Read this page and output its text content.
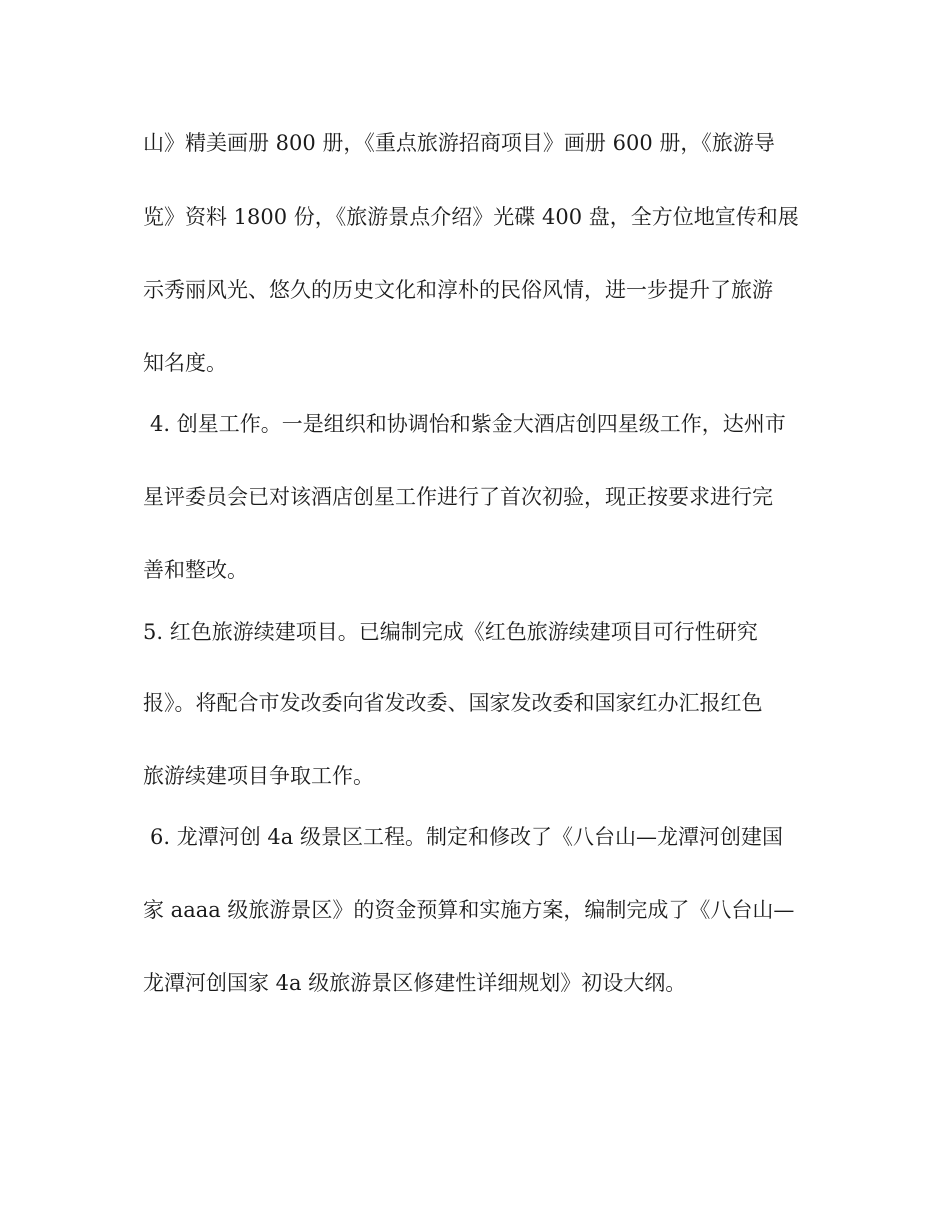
山》精美画册 800 册，《重点旅游招商项目》画册 600 册，《旅游导
览》资料 1800 份，《旅游景点介绍》光碟 400 盘，全方位地宣传和展
示秀丽风光、悠久的历史文化和淳朴的民俗风情，进一步提升了旅游
知名度。
4. 创星工作。一是组织和协调怡和紫金大酒店创四星级工作，达州市
星评委员会已对该酒店创星工作进行了首次初验，现正按要求进行完
善和整改。
5. 红色旅游续建项目。已编制完成《红色旅游续建项目可行性研究
报》。将配合市发改委向省发改委、国家发改委和国家红办汇报红色
旅游续建项目争取工作。
6. 龙潭河创 4a 级景区工程。制定和修改了《八台山—龙潭河创建国
家 aaaa 级旅游景区》的资金预算和实施方案，编制完成了《八台山—
龙潭河创国家 4a 级旅游景区修建性详细规划》初设大纲。
